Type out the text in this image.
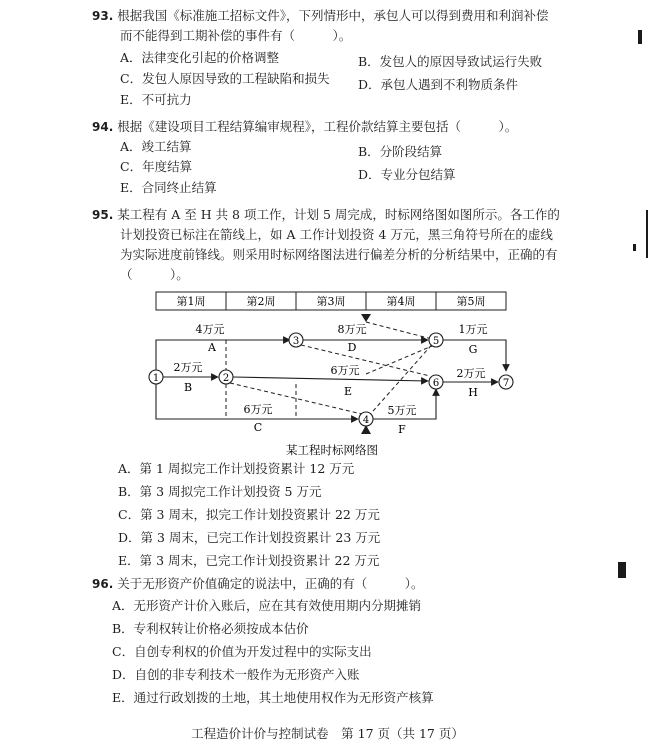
93. 根据我国《标准施工招标文件》，下列情形中，承包人可以得到费用和利润补偿
而不能得到工期补偿的事件有（　　　）。
A．法律变化引起的价格调整	B．发包人的原因导致试运行失败
C．发包人原因导致的工程缺陷和损失 D．承包人遇到不利物质条件
E．不可抗力
94. 根据《建设项目工程结算编审规程》，工程价款结算主要包括（　　　）。
A．竣工结算	B．分阶段结算
C．年度结算
D．专业分包结算
E．合同终止结算
95. 某工程有 A 至 H 共 8 项工作，计划 5 周完成，时标网络图如图所示。各工作的
计划投资已标注在箭线上，如 A 工作计划投资 4 万元，黑三角符号所在的虚线
为实际进度前锋线。则采用时标网络图法进行偏差分析的分析结果中，正确的有
（　　　）。
第1周	第2周	第3周	第4周	第5周
4万元
A
2万元
B
6万元
C
8万元
D
6万元
E
5万元
F
1万元
G
2万元
H
1	2
3
4
5
6	7
某工程时标网络图
A．第 1 周拟完工作计划投资累计 12 万元
B．第 3 周拟完工作计划投资 5 万元
C．第 3 周末，拟完工作计划投资累计 22 万元
D．第 3 周末，已完工作计划投资累计 23 万元
E．第 3 周末，已完工作计划投资累计 22 万元
96. 关于无形资产价值确定的说法中，正确的有（　　　）。
A．无形资产计价入账后，应在其有效使用期内分期摊销
B．专利权转让价格必须按成本估价
C．自创专利权的价值为开发过程中的实际支出
D．自创的非专利技术一般作为无形资产入账
E．通过行政划拨的土地，其土地使用权作为无形资产核算
工程造价计价与控制试卷　第 17 页（共 17 页）
